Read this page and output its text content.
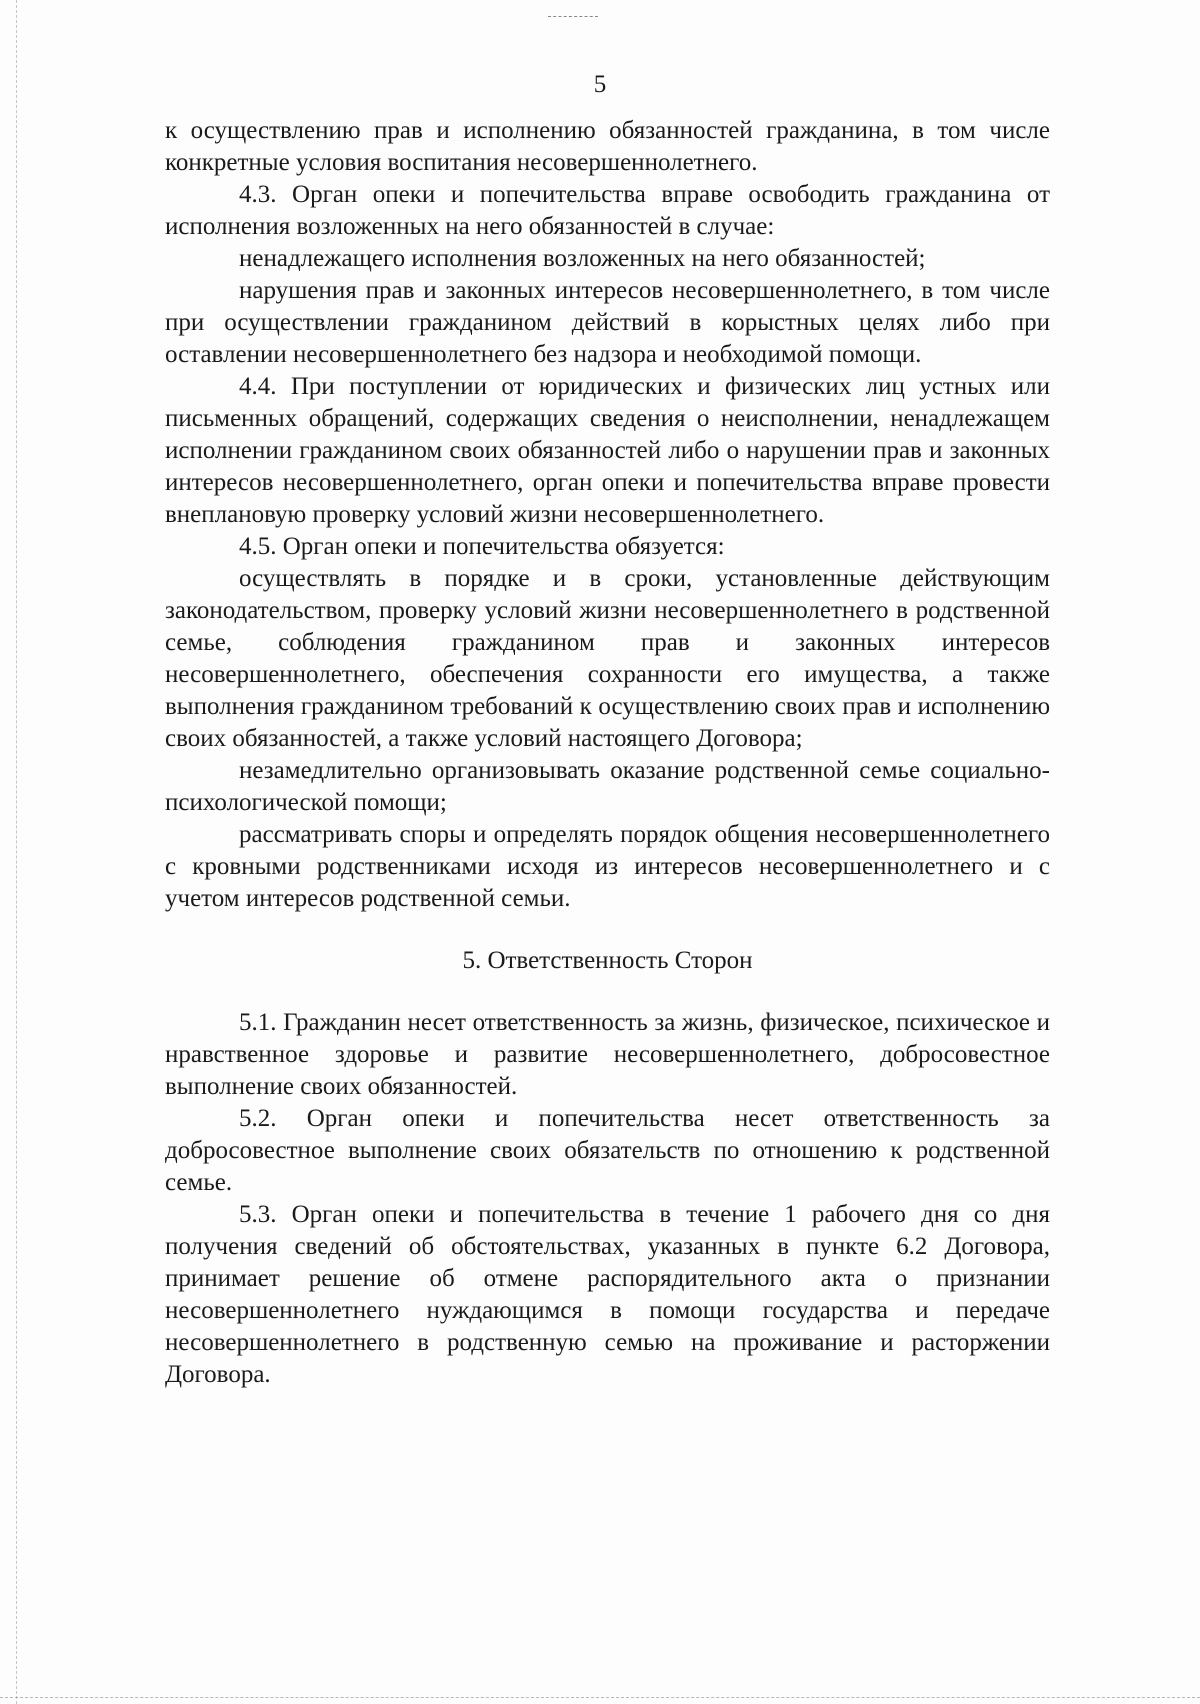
5

к осуществлению прав и исполнению обязанностей гражданина, в том числе конкретные условия воспитания несовершеннолетнего.

4.3. Орган опеки и попечительства вправе освободить гражданина от исполнения возложенных на него обязанностей в случае:

ненадлежащего исполнения возложенных на него обязанностей;

нарушения прав и законных интересов несовершеннолетнего, в том числе при осуществлении гражданином действий в корыстных целях либо при оставлении несовершеннолетнего без надзора и необходимой помощи.

4.4. При поступлении от юридических и физических лиц устных или письменных обращений, содержащих сведения о неисполнении, ненадлежащем исполнении гражданином своих обязанностей либо о нарушении прав и законных интересов несовершеннолетнего, орган опеки и попечительства вправе провести внеплановую проверку условий жизни несовершеннолетнего.

4.5. Орган опеки и попечительства обязуется:

осуществлять в порядке и в сроки, установленные действующим законодательством, проверку условий жизни несовершеннолетнего в родственной семье, соблюдения гражданином прав и законных интересов несовершеннолетнего, обеспечения сохранности его имущества, а также выполнения гражданином требований к осуществлению своих прав и исполнению своих обязанностей, а также условий настоящего Договора;

незамедлительно организовывать оказание родственной семье социально-психологической помощи;

рассматривать споры и определять порядок общения несовершеннолетнего с кровными родственниками исходя из интересов несовершеннолетнего и с учетом интересов родственной семьи.

5. Ответственность Сторон

5.1. Гражданин несет ответственность за жизнь, физическое, психическое и нравственное здоровье и развитие несовершеннолетнего, добросовестное выполнение своих обязанностей.

5.2. Орган опеки и попечительства несет ответственность за добросовестное выполнение своих обязательств по отношению к родственной семье.

5.3. Орган опеки и попечительства в течение 1 рабочего дня со дня получения сведений об обстоятельствах, указанных в пункте 6.2 Договора, принимает решение об отмене распорядительного акта о признании несовершеннолетнего нуждающимся в помощи государства и передаче несовершеннолетнего в родственную семью на проживание и расторжении Договора.
